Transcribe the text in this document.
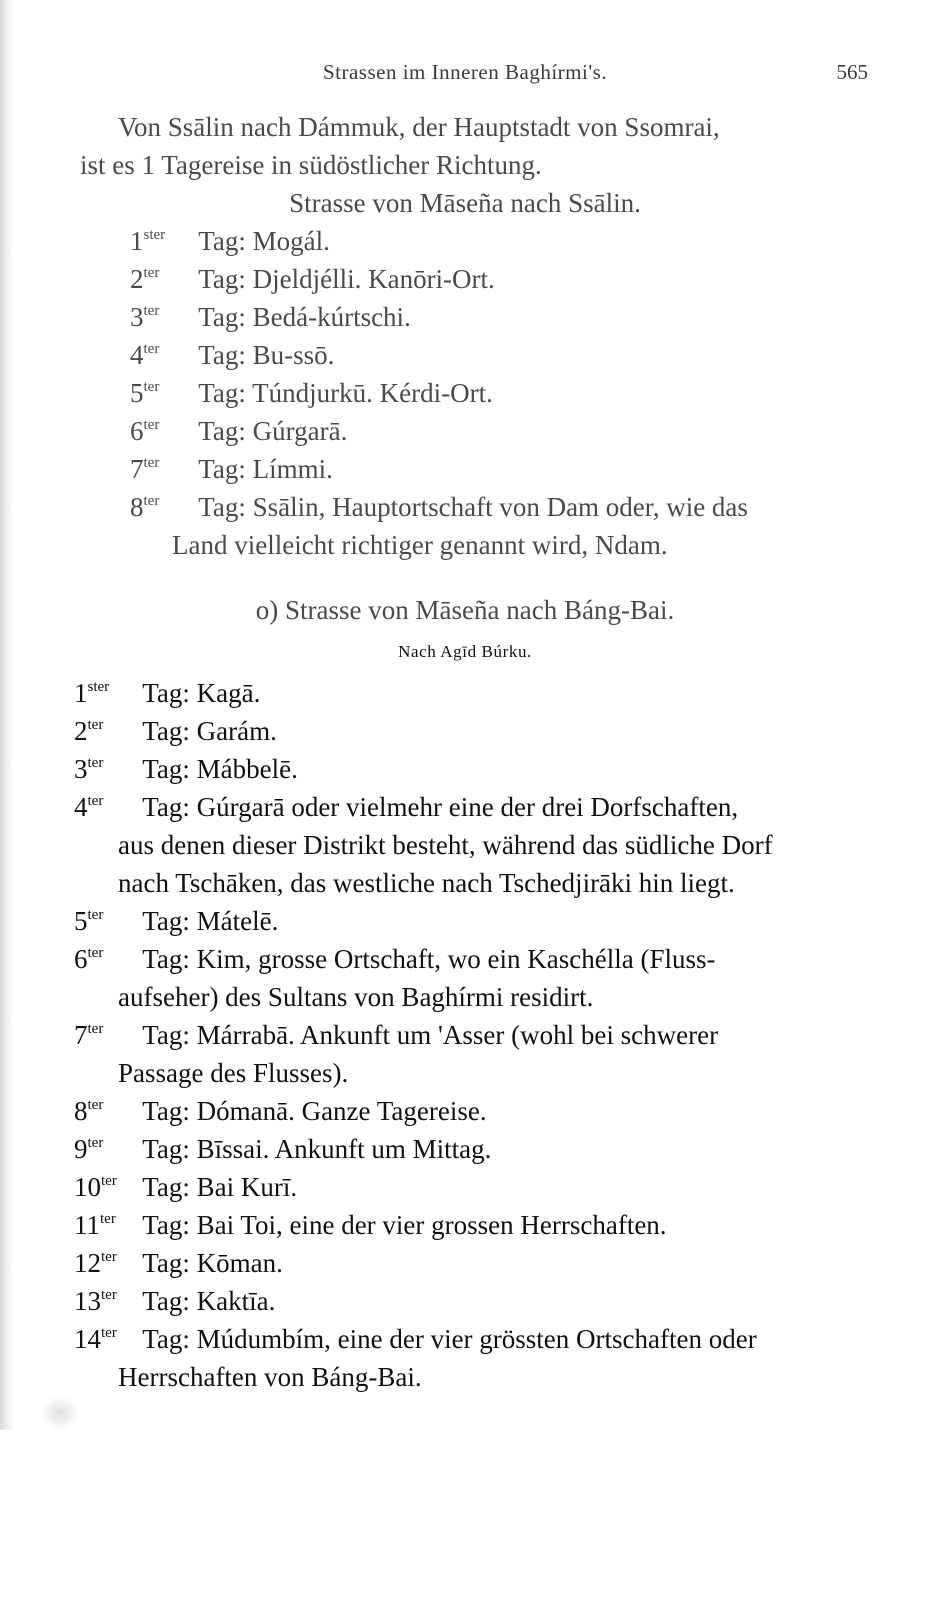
Strassen im Inneren Baghírmi's.	565
Von Ssālin nach Dámmuk, der Hauptstadt von Ssomrai,
ist es 1 Tagereise in südöstlicher Richtung.
Strasse von Māseña nach Ssālin.
$1^{ster}$ Tag: Mogál.
$2^{ter}$ Tag: Djeldjélli. Kanōri-Ort.
$3^{ter}$ Tag: Bedá-kúrtschi.
$4^{ter}$ Tag: Bu-ssō.
$5^{ter}$ Tag: Túndjurkū. Kérdi-Ort.
$6^{ter}$ Tag: Gúrgarā.
$7^{ter}$ Tag: Límmi.
$8^{ter}$ Tag: Ssālin, Hauptortschaft von Dam oder, wie das
Land vielleicht richtiger genannt wird, Ndam.
o) Strasse von Māseña nach Báng-Bai.
Nach Agīd Búrku.
$1^{ster}$ Tag: Kagā.
$2^{ter}$ Tag: Garám.
$3^{ter}$ Tag: Mábbelē.
$4^{ter}$ Tag: Gúrgarā oder vielmehr eine der drei Dorfschaften,
aus denen dieser Distrikt besteht, während das südliche Dorf
nach Tschāken, das westliche nach Tschedjirāki hin liegt.
$5^{ter}$ Tag: Mátelē.
$6^{ter}$ Tag: Kim, grosse Ortschaft, wo ein Kaschélla (Fluss-
aufseher) des Sultans von Baghírmi residirt.
$7^{ter}$ Tag: Márrabā. Ankunft um 'Asser (wohl bei schwerer
Passage des Flusses).
$8^{ter}$ Tag: Dómanā. Ganze Tagereise.
$9^{ter}$ Tag: Bīssai. Ankunft um Mittag.
$10^{ter}$ Tag: Bai Kurī.
$11^{ter}$ Tag: Bai Toi, eine der vier grossen Herrschaften.
$12^{ter}$ Tag: Kōman.
$13^{ter}$ Tag: Kaktīa.
$14^{ter}$ Tag: Múdumbím, eine der vier grössten Ortschaften oder
Herrschaften von Báng-Bai.
